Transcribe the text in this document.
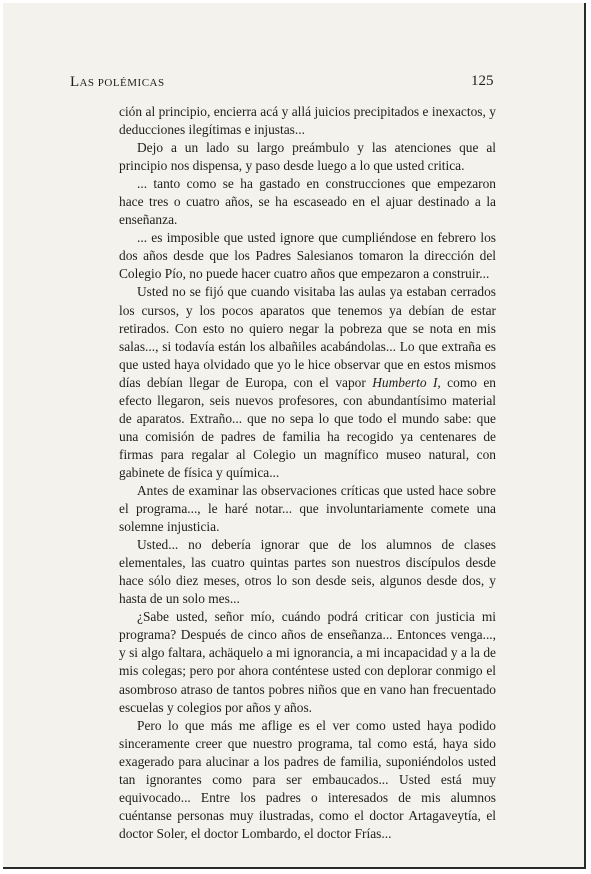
LAS POLÉMICAS	125

ción al principio, encierra acá y allá juicios precipitados e inexactos, y deducciones ilegítimas e injustas...

Dejo a un lado su largo preámbulo y las atenciones que al principio nos dispensa, y paso desde luego a lo que usted critica.

... tanto como se ha gastado en construcciones que empezaron hace tres o cuatro años, se ha escaseado en el ajuar destinado a la enseñanza.

... es imposible que usted ignore que cumpliéndose en febrero los dos años desde que los Padres Salesianos tomaron la dirección del Colegio Pío, no puede hacer cuatro años que empezaron a construir...

Usted no se fijó que cuando visitaba las aulas ya estaban cerrados los cursos, y los pocos aparatos que tenemos ya debían de estar retirados. Con esto no quiero negar la pobreza que se nota en mis salas..., si todavía están los albañiles acabándolas... Lo que extraña es que usted haya olvidado que yo le hice observar que en estos mismos días debían llegar de Europa, con el vapor Humberto I, como en efecto llegaron, seis nuevos profesores, con abundantísimo material de aparatos. Extraño... que no sepa lo que todo el mundo sabe: que una comisión de padres de familia ha recogido ya centenares de firmas para regalar al Colegio un magnífico museo natural, con gabinete de física y química...

Antes de examinar las observaciones críticas que usted hace sobre el programa..., le haré notar... que involuntariamente comete una solemne injusticia.

Usted... no debería ignorar que de los alumnos de clases elementales, las cuatro quintas partes son nuestros discípulos desde hace sólo diez meses, otros lo son desde seis, algunos desde dos, y hasta de un solo mes...

¿Sabe usted, señor mío, cuándo podrá criticar con justicia mi programa? Después de cinco años de enseñanza... Entonces venga..., y si algo faltara, achäquelo a mi ignorancia, a mi incapacidad y a la de mis colegas; pero por ahora conténtese usted con deplorar conmigo el asombroso atraso de tantos pobres niños que en vano han frecuentado escuelas y colegios por años y años.

Pero lo que más me aflige es el ver como usted haya podido sinceramente creer que nuestro programa, tal como está, haya sido exagerado para alucinar a los padres de familia, suponiéndolos usted tan ignorantes como para ser embaucados... Usted está muy equivocado... Entre los padres o interesados de mis alumnos cuéntanse personas muy ilustradas, como el doctor Artagaveytía, el doctor Soler, el doctor Lombardo, el doctor Frías...
